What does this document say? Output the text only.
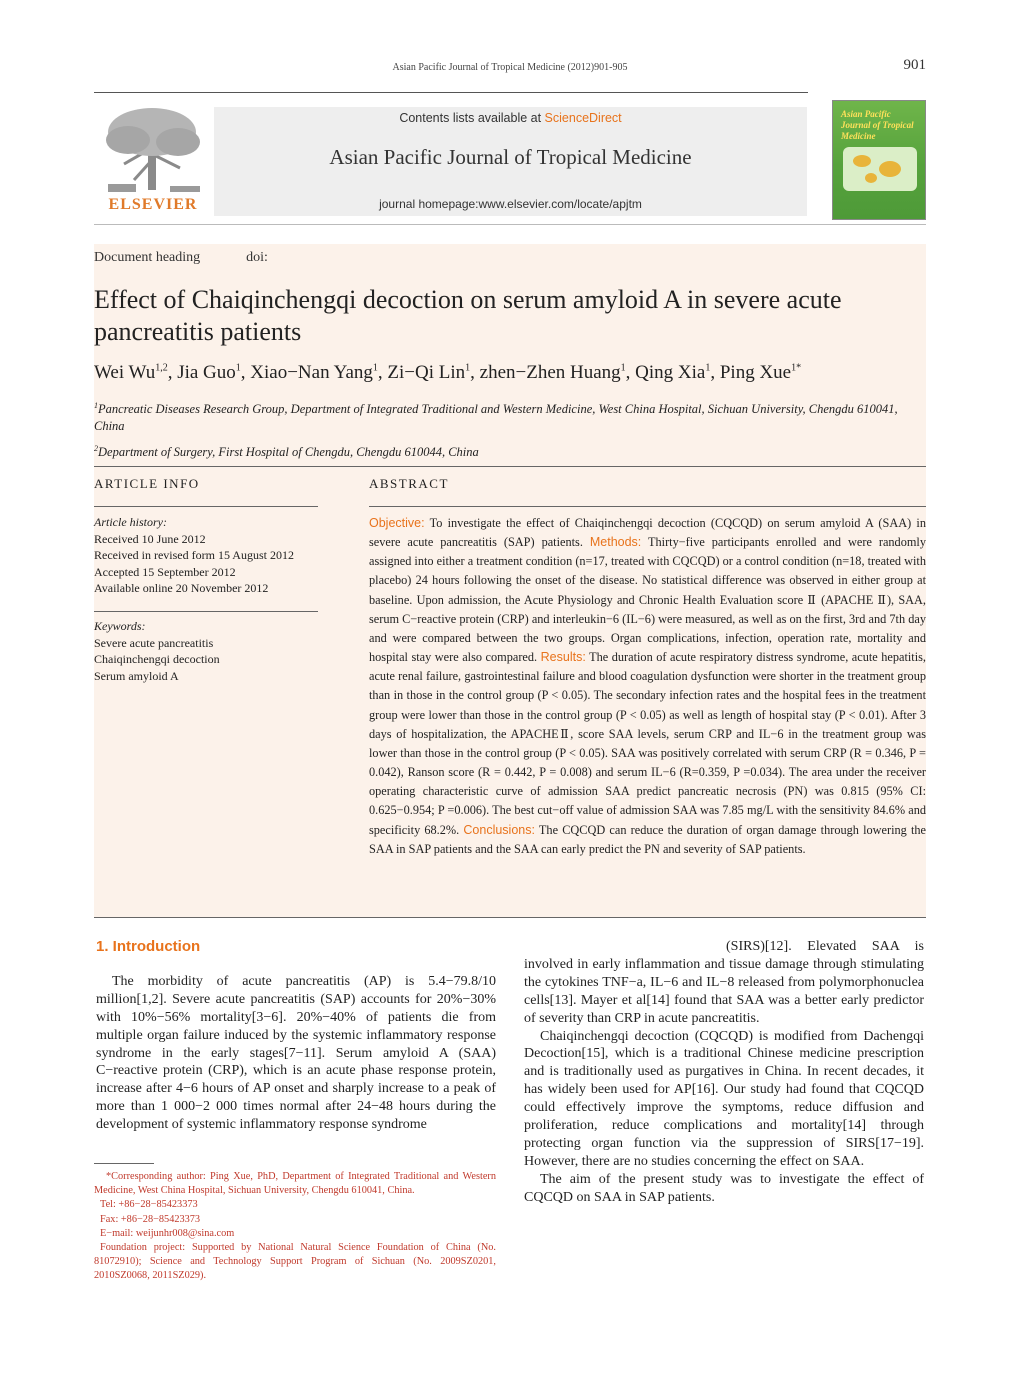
Asian Pacific Journal of Tropical Medicine (2012)901-905	901
ELSEVIER
Contents lists available at ScienceDirect
Asian Pacific Journal of Tropical Medicine
journal homepage:www.elsevier.com/locate/apjtm
Asian Pacific Journal of Tropical Medicine
Document heading	doi:
Effect of Chaiqinchengqi decoction on serum amyloid A in severe acute pancreatitis patients
Wei Wu$^{1,2}$, Jia Guo$^1$, Xiao−Nan Yang$^1$, Zi−Qi Lin$^1$, zhen−Zhen Huang$^1$, Qing Xia$^1$, Ping Xue$^{1*}$
$^1$Pancreatic Diseases Research Group, Department of Integrated Traditional and Western Medicine, West China Hospital, Sichuan University, Chengdu 610041, China
$^2$Department of Surgery, First Hospital of Chengdu, Chengdu 610044, China
ARTICLE INFO
Article history:
Received 10 June 2012
Received in revised form 15 August 2012
Accepted 15 September 2012
Available online 20 November 2012
Keywords:
Severe acute pancreatitis
Chaiqinchengqi decoction
Serum amyloid A
ABSTRACT
Objective: To investigate the effect of Chaiqinchengqi decoction (CQCQD) on serum amyloid A (SAA) in severe acute pancreatitis (SAP) patients. Methods: Thirty−five participants enrolled and were randomly assigned into either a treatment condition (n=17, treated with CQCQD) or a control condition (n=18, treated with placebo) 24 hours following the onset of the disease. No statistical difference was observed in either group at baseline. Upon admission, the Acute Physiology and Chronic Health Evaluation score Ⅱ (APACHE Ⅱ), SAA, serum C−reactive protein (CRP) and interleukin−6 (IL−6) were measured, as well as on the first, 3rd and 7th day and were compared between the two groups. Organ complications, infection, operation rate, mortality and hospital stay were also compared. Results: The duration of acute respiratory distress syndrome, acute hepatitis, acute renal failure, gastrointestinal failure and blood coagulation dysfunction were shorter in the treatment group than in those in the control group (P < 0.05). The secondary infection rates and the hospital fees in the treatment group were lower than those in the control group (P < 0.05) as well as length of hospital stay (P < 0.01). After 3 days of hospitalization, the APACHEⅡ, score SAA levels, serum CRP and IL−6 in the treatment group was lower than those in the control group (P < 0.05). SAA was positively correlated with serum CRP (R = 0.346, P = 0.042), Ranson score (R = 0.442, P = 0.008) and serum IL−6 (R=0.359, P =0.034). The area under the receiver operating characteristic curve of admission SAA predict pancreatic necrosis (PN) was 0.815 (95% CI: 0.625−0.954; P =0.006). The best cut−off value of admission SAA was 7.85 mg/L with the sensitivity 84.6% and specificity 68.2%. Conclusions: The CQCQD can reduce the duration of organ damage through lowering the SAA in SAP patients and the SAA can early predict the PN and severity of SAP patients.
1. Introduction

The morbidity of acute pancreatitis (AP) is 5.4−79.8/10 million[1,2]. Severe acute pancreatitis (SAP) accounts for 20%−30% with 10%−56% mortality[3−6]. 20%−40% of patients die from multiple organ failure induced by the systemic inflammatory response syndrome in the early stages[7−11]. Serum amyloid A (SAA) C−reactive protein (CRP), which is an acute phase response protein, increase after 4−6 hours of AP onset and sharply increase to a peak of more than 1 000−2 000 times normal after 24−48 hours during the development of systemic inflammatory response syndrome

(SIRS)[12]. Elevated SAA is involved in early inflammation and tissue damage through stimulating the cytokines TNF−a, IL−6 and IL−8 released from polymorphonuclea cells[13]. Mayer et al[14] found that SAA was a better early predictor of severity than CRP in acute pancreatitis.

Chaiqinchengqi decoction (CQCQD) is modified from Dachengqi Decoction[15], which is a traditional Chinese medicine prescription and is traditionally used as purgatives in China. In recent decades, it has widely been used for AP[16]. Our study had found that CQCQD could effectively improve the symptoms, reduce diffusion and proliferation, reduce complications and mortality[14] through protecting organ function via the suppression of SIRS[17−19]. However, there are no studies concerning the effect on SAA.

The aim of the present study was to investigate the effect of CQCQD on SAA in SAP patients.

*Corresponding author: Ping Xue, PhD, Department of Integrated Traditional and Western Medicine, West China Hospital, Sichuan University, Chengdu 610041, China.
Tel: +86−28−85423373
Fax: +86−28−85423373
E−mail: weijunhr008@sina.com
Foundation project: Supported by National Natural Science Foundation of China (No. 81072910); Science and Technology Support Program of Sichuan (No. 2009SZ0201, 2010SZ0068, 2011SZ029).
